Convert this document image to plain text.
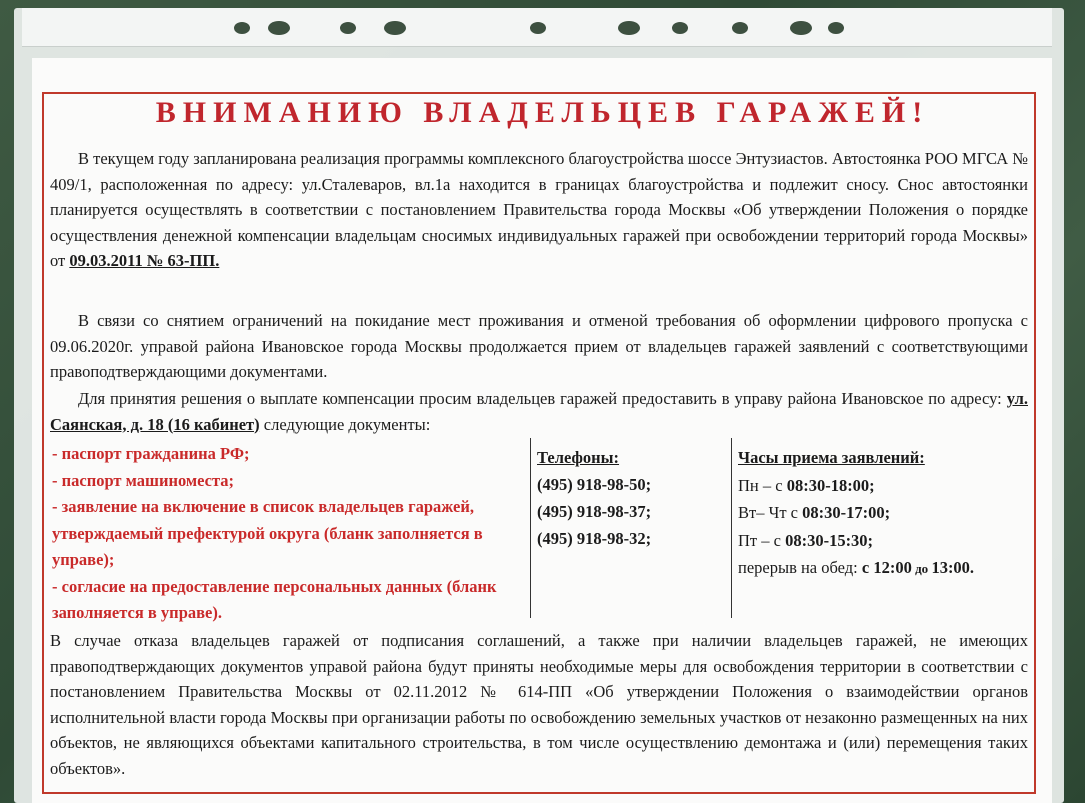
ВНИМАНИЮ ВЛАДЕЛЬЦЕВ ГАРАЖЕЙ!
В текущем году запланирована реализация программы комплексного благоустройства шоссе Энтузиастов. Автостоянка РОО МГСА № 409/1, расположенная по адресу: ул.Сталеваров, вл.1а находится в границах благоустройства и подлежит сносу. Снос автостоянки планируется осуществлять в соответствии с постановлением Правительства города Москвы «Об утверждении Положения о порядке осуществления денежной компенсации владельцам сносимых индивидуальных гаражей при освобождении территорий города Москвы» от 09.03.2011 № 63-ПП.
В связи со снятием ограничений на покидание мест проживания и отменой требования об оформлении цифрового пропуска с 09.06.2020г. управой района Ивановское города Москвы продолжается прием от владельцев гаражей заявлений с соответствующими правоподтверждающими документами.
Для принятия решения о выплате компенсации просим владельцев гаражей предоставить в управу района Ивановское по адресу: ул. Саянская, д. 18 (16 кабинет) следующие документы:
- паспорт гражданина РФ;
- паспорт машиноместа;
- заявление на включение в список владельцев гаражей, утверждаемый префектурой округа (бланк заполняется в управе);
- согласие на предоставление персональных данных (бланк заполняется в управе).
Телефоны:
(495) 918-98-50;
(495) 918-98-37;
(495) 918-98-32;
Часы приема заявлений:
Пн – с 08:30-18:00;
Вт– Чт с 08:30-17:00;
Пт – с 08:30-15:30;
перерыв на обед: с 12:00 до 13:00.
В случае отказа владельцев гаражей от подписания соглашений, а также при наличии владельцев гаражей, не имеющих правоподтверждающих документов управой района будут приняты необходимые меры для освобождения территории в соответствии с постановлением Правительства Москвы от 02.11.2012 № 614-ПП «Об утверждении Положения о взаимодействии органов исполнительной власти города Москвы при организации работы по освобождению земельных участков от незаконно размещенных на них объектов, не являющихся объектами капитального строительства, в том числе осуществлению демонтажа и (или) перемещения таких объектов».
